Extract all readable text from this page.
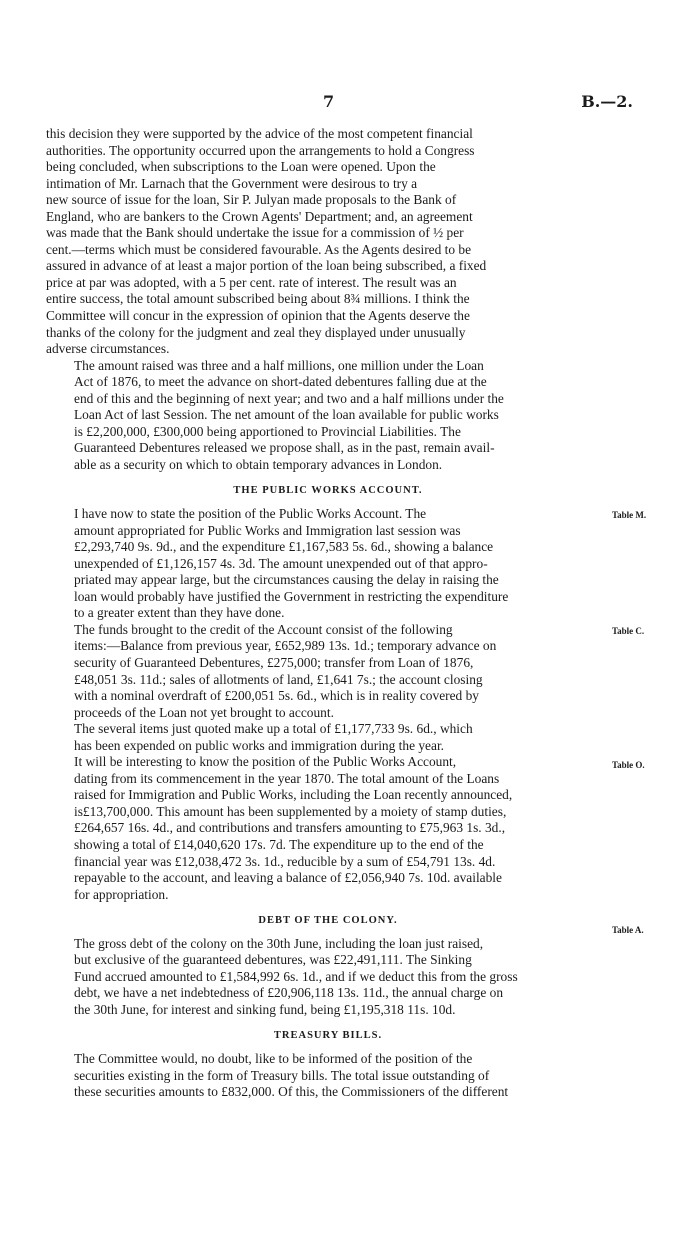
7	B.—2.

this decision they were supported by the advice of the most competent financial
authorities. The opportunity occurred upon the arrangements to hold a Congress
being concluded, when subscriptions to the Loan were opened. Upon the
intimation of Mr. Larnach that the Government were desirous to try a
new source of issue for the loan, Sir P. Julyan made proposals to the Bank of
England, who are bankers to the Crown Agents' Department; and, an agreement
was made that the Bank should undertake the issue for a commission of ½ per
cent.—terms which must be considered favourable. As the Agents desired to be
assured in advance of at least a major portion of the loan being subscribed, a fixed
price at par was adopted, with a 5 per cent. rate of interest. The result was an
entire success, the total amount subscribed being about 8¾ millions. I think the
Committee will concur in the expression of opinion that the Agents deserve the
thanks of the colony for the judgment and zeal they displayed under unusually
adverse circumstances.

The amount raised was three and a half millions, one million under the Loan
Act of 1876, to meet the advance on short-dated debentures falling due at the
end of this and the beginning of next year; and two and a half millions under the
Loan Act of last Session. The net amount of the loan available for public works
is £2,200,000, £300,000 being apportioned to Provincial Liabilities. The
Guaranteed Debentures released we propose shall, as in the past, remain avail-
able as a security on which to obtain temporary advances in London.

THE PUBLIC WORKS ACCOUNT.

I have now to state the position of the Public Works Account. The
amount appropriated for Public Works and Immigration last session was
£2,293,740 9s. 9d., and the expenditure £1,167,583 5s. 6d., showing a balance
unexpended of £1,126,157 4s. 3d. The amount unexpended out of that appro-
priated may appear large, but the circumstances causing the delay in raising the
loan would probably have justified the Government in restricting the expenditure
to a greater extent than they have done.

The funds brought to the credit of the Account consist of the following
items:—Balance from previous year, £652,989 13s. 1d.; temporary advance on
security of Guaranteed Debentures, £275,000; transfer from Loan of 1876,
£48,051 3s. 11d.; sales of allotments of land, £1,641 7s.; the account closing
with a nominal overdraft of £200,051 5s. 6d., which is in reality covered by
proceeds of the Loan not yet brought to account.

The several items just quoted make up a total of £1,177,733 9s. 6d., which
has been expended on public works and immigration during the year.

It will be interesting to know the position of the Public Works Account,
dating from its commencement in the year 1870. The total amount of the Loans
raised for Immigration and Public Works, including the Loan recently announced,
is£13,700,000. This amount has been supplemented by a moiety of stamp duties,
£264,657 16s. 4d., and contributions and transfers amounting to £75,963 1s. 3d.,
showing a total of £14,040,620 17s. 7d. The expenditure up to the end of the
financial year was £12,038,472 3s. 1d., reducible by a sum of £54,791 13s. 4d.
repayable to the account, and leaving a balance of £2,056,940 7s. 10d. available
for appropriation.

DEBT OF THE COLONY.

The gross debt of the colony on the 30th June, including the loan just raised,
but exclusive of the guaranteed debentures, was £22,491,111. The Sinking
Fund accrued amounted to £1,584,992 6s. 1d., and if we deduct this from the gross
debt, we have a net indebtedness of £20,906,118 13s. 11d., the annual charge on
the 30th June, for interest and sinking fund, being £1,195,318 11s. 10d.

TREASURY BILLS.

The Committee would, no doubt, like to be informed of the position of the
securities existing in the form of Treasury bills. The total issue outstanding of
these securities amounts to £832,000. Of this, the Commissioners of the different

Table M.
Table C.
Table O.
Table A.
